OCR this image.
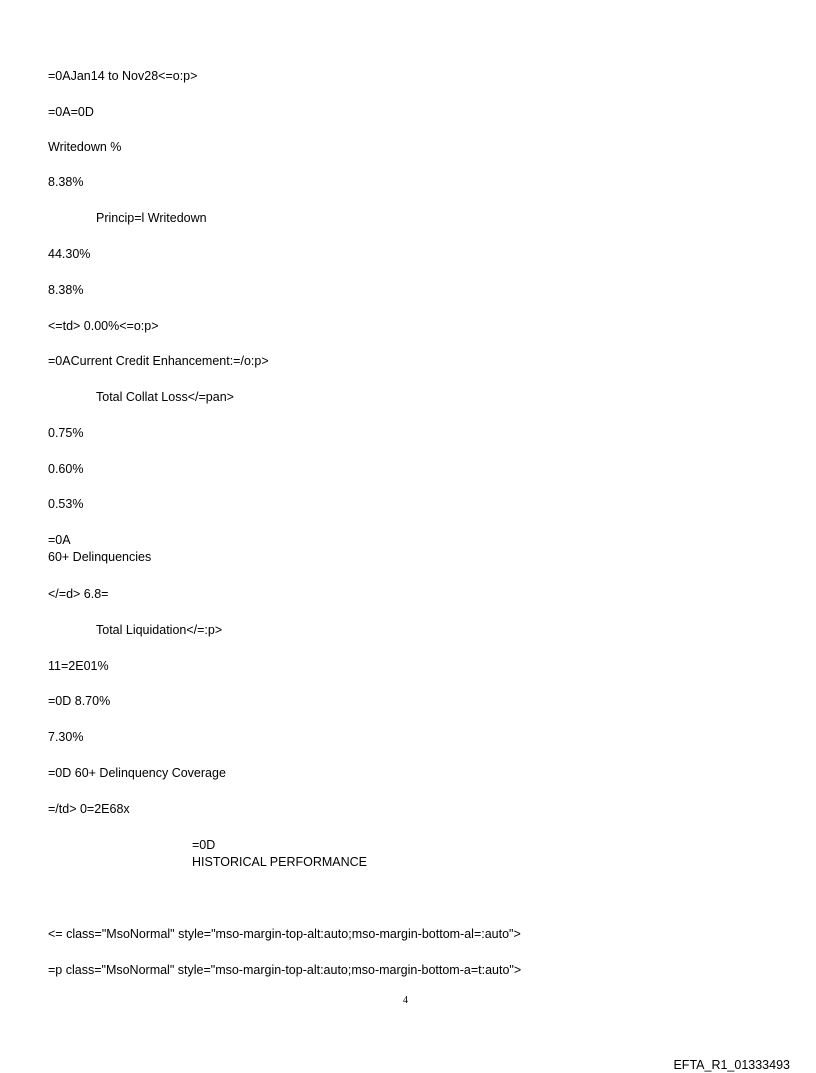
=0AJan14 to Nov28<=o:p>
=0A=0D
Writedown %
8.38%
Princip=l Writedown
44.30%
8.38%
<=td> 0.00%<=o:p>
=0ACurrent Credit Enhancement:=/o:p>
Total Collat Loss</=pan>
0.75%
0.60%
0.53%
=0A
60+ Delinquencies
</=d> 6.8=
Total Liquidation</=:p>
11=2E01%
=0D 8.70%
7.30%
=0D 60+ Delinquency Coverage
=/td> 0=2E68x
=0D
HISTORICAL PERFORMANCE
<= class="MsoNormal" style="mso-margin-top-alt:auto;mso-margin-bottom-al=:auto">
=p class="MsoNormal" style="mso-margin-top-alt:auto;mso-margin-bottom-a=t:auto">
4
EFTA_R1_01333493
